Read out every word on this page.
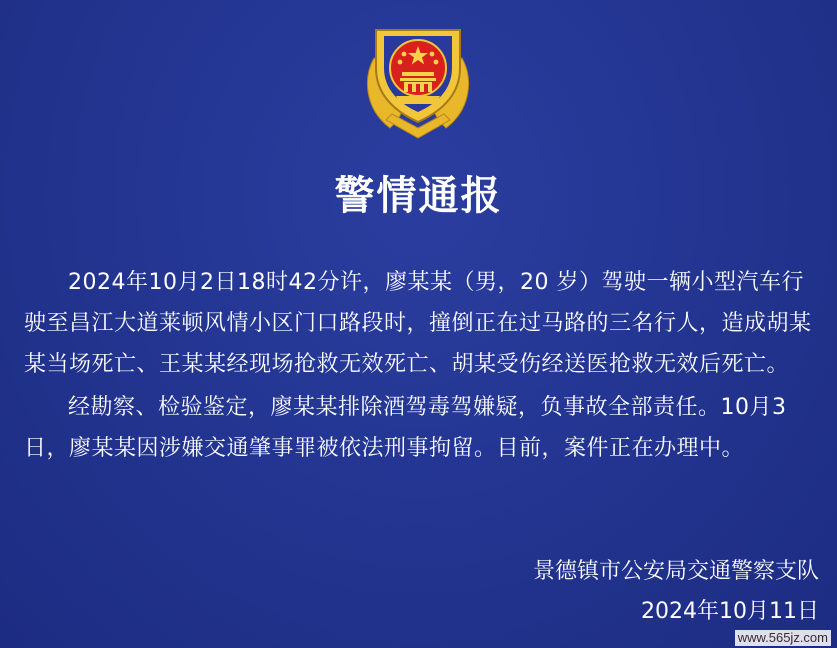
警情通报

2024年10月2日18时42分许，廖某某（男，20 岁）驾驶一辆小型汽车行驶至昌江大道莱顿风情小区门口路段时，撞倒正在过马路的三名行人，造成胡某某当场死亡、王某某经现场抢救无效死亡、胡某受伤经送医抢救无效后死亡。

经勘察、检验鉴定，廖某某排除酒驾毒驾嫌疑，负事故全部责任。10月3日，廖某某因涉嫌交通肇事罪被依法刑事拘留。目前，案件正在办理中。

景德镇市公安局交通警察支队
2024年10月11日
www.565jz.com
